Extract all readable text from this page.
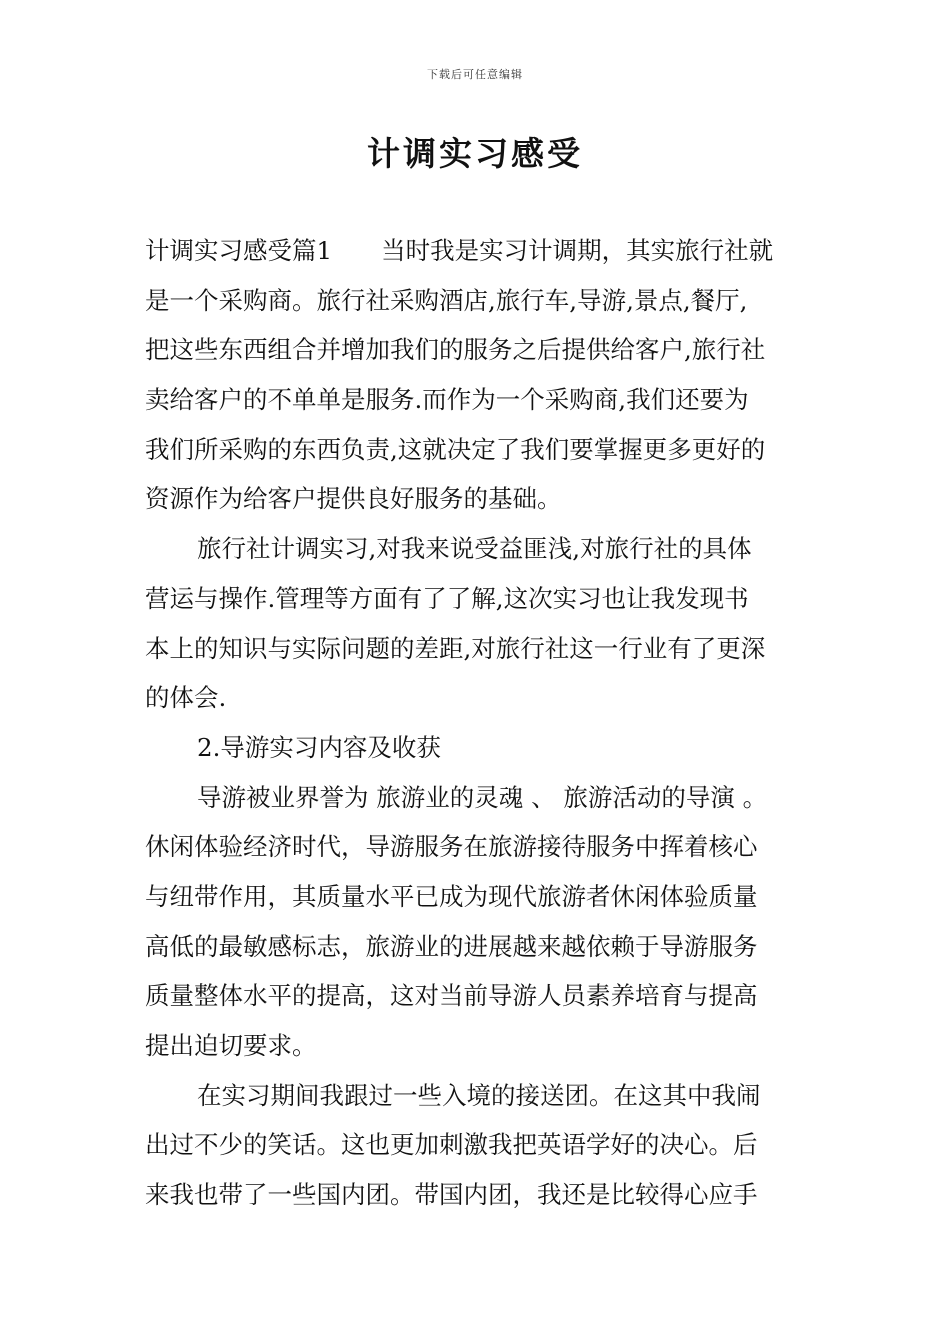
下载后可任意编辑
计调实习感受
计调实习感受篇1　　当时我是实习计调期，其实旅行社就
是一个采购商。旅行社采购酒店,旅行车,导游,景点,餐厅,
把这些东西组合并增加我们的服务之后提供给客户,旅行社
卖给客户的不单单是服务.而作为一个采购商,我们还要为
我们所采购的东西负责,这就决定了我们要掌握更多更好的
资源作为给客户提供良好服务的基础。
旅行社计调实习,对我来说受益匪浅,对旅行社的具体
营运与操作.管理等方面有了了解,这次实习也让我发现书
本上的知识与实际问题的差距,对旅行社这一行业有了更深
的体会.
2.导游实习内容及收获
导游被业界誉为 旅游业的灵魂 、 旅游活动的导演 。
休闲体验经济时代，导游服务在旅游接待服务中挥着核心
与纽带作用，其质量水平已成为现代旅游者休闲体验质量
高低的最敏感标志，旅游业的进展越来越依赖于导游服务
质量整体水平的提高，这对当前导游人员素养培育与提高
提出迫切要求。
在实习期间我跟过一些入境的接送团。在这其中我闹
出过不少的笑话。这也更加刺激我把英语学好的决心。后
来我也带了一些国内团。带国内团，我还是比较得心应手
